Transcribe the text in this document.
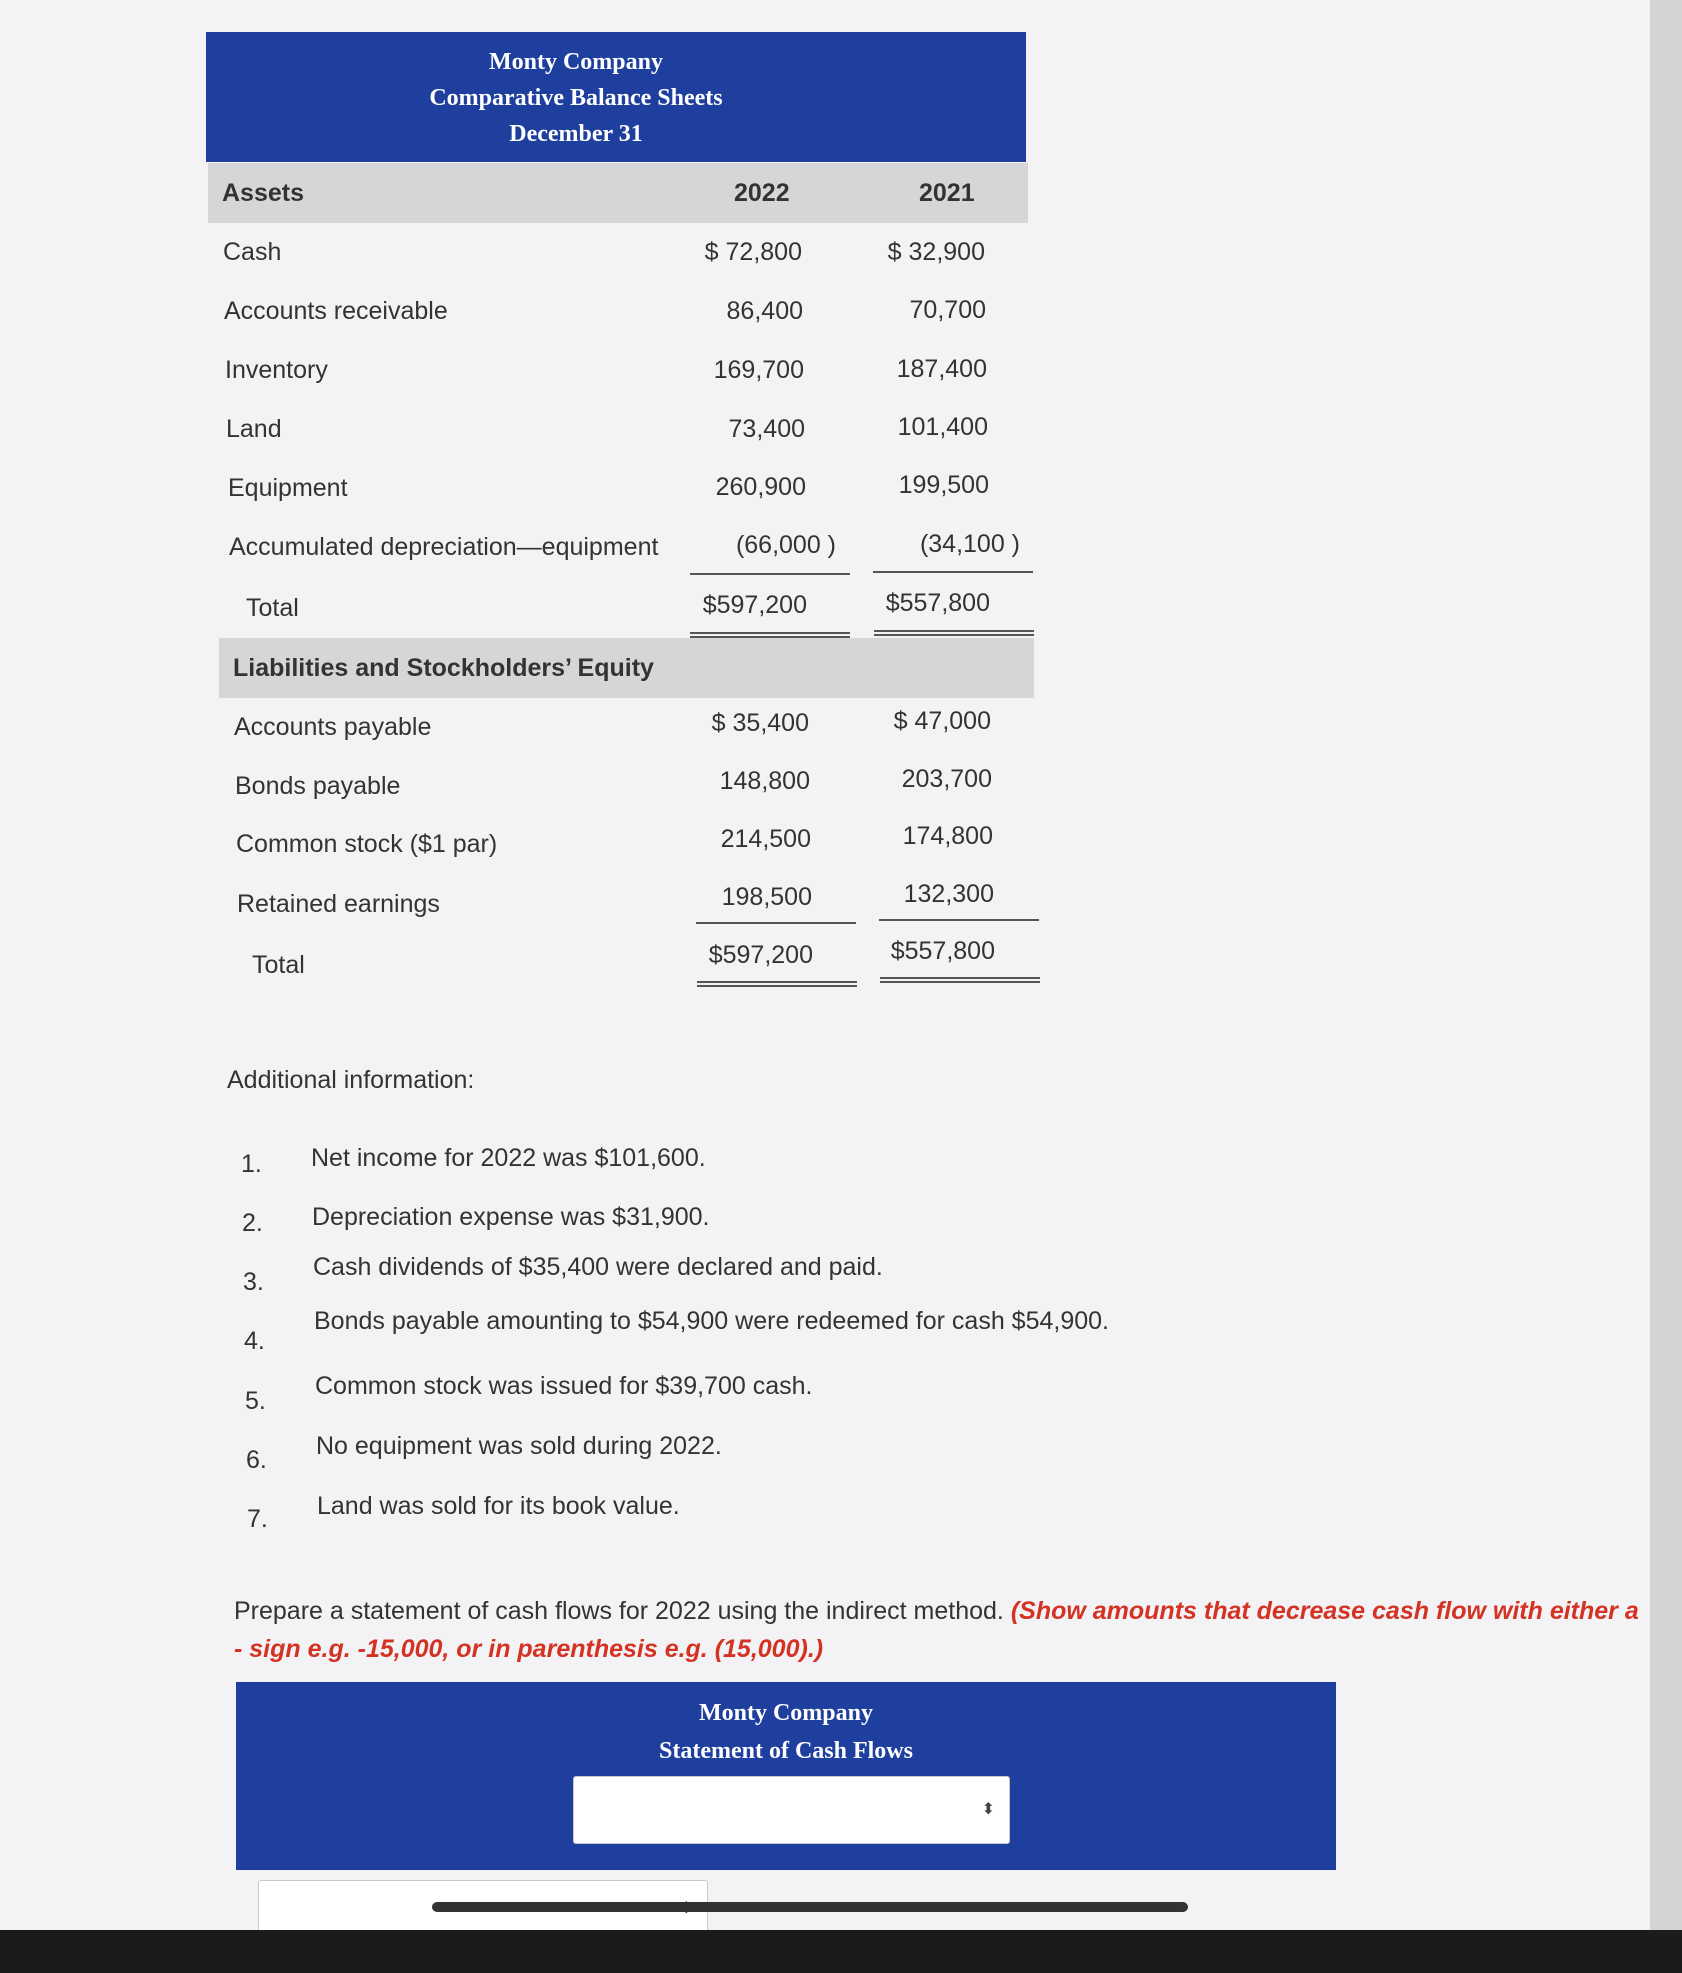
Monty Company
Comparative Balance Sheets
December 31
Assets	2022	2021
Cash	$ 72,800	$ 32,900
Accounts receivable	86,400	70,700
Inventory	169,700	187,400
Land	73,400	101,400
Equipment	260,900	199,500
Accumulated depreciation—equipment	(66,000 )	(34,100 )
Total	$597,200	$557,800
Liabilities and Stockholders’ Equity
Accounts payable	$ 35,400	$ 47,000
Bonds payable	148,800	203,700
Common stock ($1 par)	214,500	174,800
Retained earnings	198,500	132,300
Total	$597,200	$557,800
Additional information:
1. Net income for 2022 was $101,600.
2. Depreciation expense was $31,900.
3.
Cash dividends of $35,400 were declared and paid.
4.
Bonds payable amounting to $54,900 were redeemed for cash $54,900.
5.
Common stock was issued for $39,700 cash.
6. No equipment was sold during 2022.
7. Land was sold for its book value.
Prepare a statement of cash flows for 2022 using the indirect method. (Show amounts that decrease cash flow with either a - sign e.g. -15,000, or in parenthesis e.g. (15,000).)
Monty Company
Statement of Cash Flows
⬍
